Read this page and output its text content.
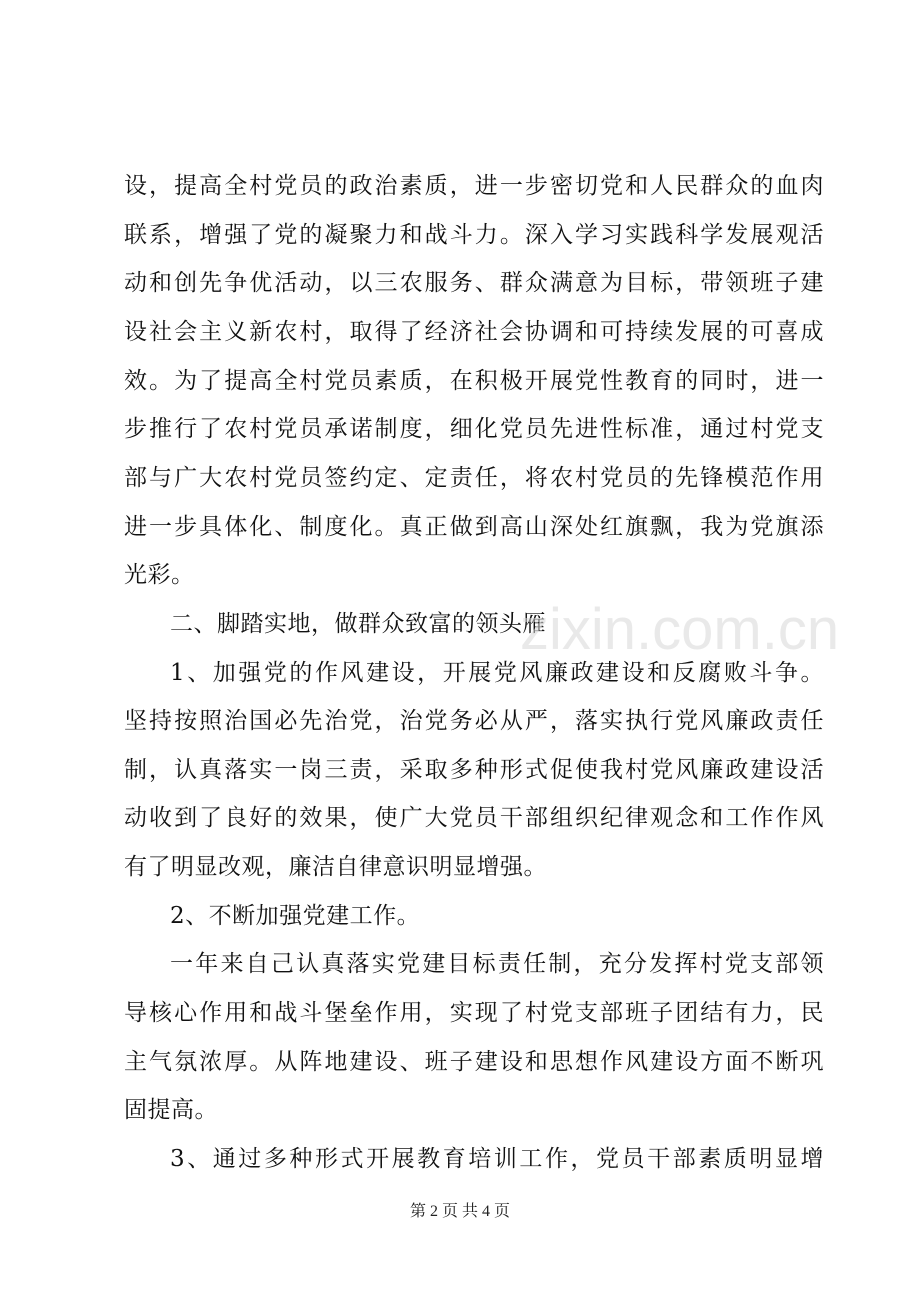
设，提高全村党员的政治素质，进一步密切党和人民群众的血肉
联系，增强了党的凝聚力和战斗力。深入学习实践科学发展观活
动和创先争优活动，以三农服务、群众满意为目标，带领班子建
设社会主义新农村，取得了经济社会协调和可持续发展的可喜成
效。为了提高全村党员素质，在积极开展党性教育的同时，进一
步推行了农村党员承诺制度，细化党员先进性标准，通过村党支
部与广大农村党员签约定、定责任，将农村党员的先锋模范作用
进一步具体化、制度化。真正做到高山深处红旗飘，我为党旗添
光彩。
二、脚踏实地，做群众致富的领头雁
1、加强党的作风建设，开展党风廉政建设和反腐败斗争。
坚持按照治国必先治党，治党务必从严，落实执行党风廉政责任
制，认真落实一岗三责，采取多种形式促使我村党风廉政建设活
动收到了良好的效果，使广大党员干部组织纪律观念和工作作风
有了明显改观，廉洁自律意识明显增强。
2、不断加强党建工作。
一年来自己认真落实党建目标责任制，充分发挥村党支部领
导核心作用和战斗堡垒作用，实现了村党支部班子团结有力，民
主气氛浓厚。从阵地建设、班子建设和思想作风建设方面不断巩
固提高。
3、通过多种形式开展教育培训工作，党员干部素质明显增
zixin.com.cn
第 2 页 共 4 页
